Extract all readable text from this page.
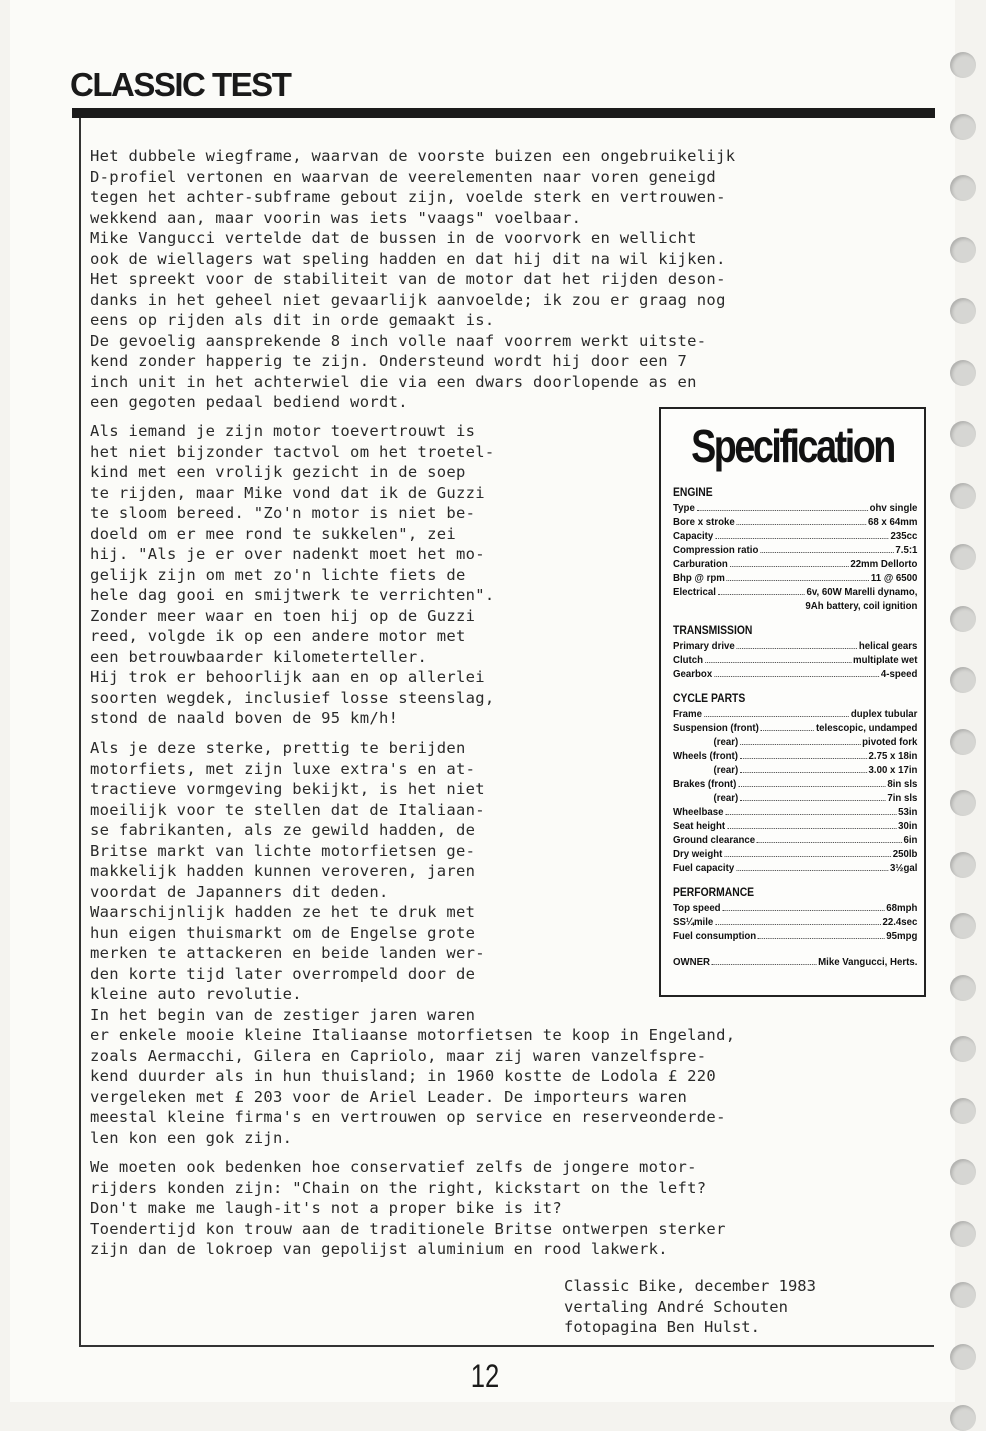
CLASSIC TEST
Het dubbele wiegframe, waarvan de voorste buizen een ongebruikelijk
D-profiel vertonen en waarvan de veerelementen naar voren geneigd
tegen het achter-subframe gebout zijn, voelde sterk en vertrouwen-
wekkend aan, maar voorin was iets "vaags" voelbaar.
Mike Vangucci vertelde dat de bussen in de voorvork en wellicht
ook de wiellagers wat speling hadden en dat hij dit na wil kijken.
Het spreekt voor de stabiliteit van de motor dat het rijden deson-
danks in het geheel niet gevaarlijk aanvoelde; ik zou er graag nog
eens op rijden als dit in orde gemaakt is.
De gevoelig aansprekende 8 inch volle naaf voorrem werkt uitste-
kend zonder happerig te zijn. Ondersteund wordt hij door een 7
inch unit in het achterwiel die via een dwars doorlopende as en
een gegoten pedaal bediend wordt.
Als iemand je zijn motor toevertrouwt is
het niet bijzonder tactvol om het troetel-
kind met een vrolijk gezicht in de soep
te rijden, maar Mike vond dat ik de Guzzi
te sloom bereed. "Zo'n motor is niet be-
doeld om er mee rond te sukkelen", zei
hij. "Als je er over nadenkt moet het mo-
gelijk zijn om met zo'n lichte fiets de
hele dag gooi en smijtwerk te verrichten".
Zonder meer waar en toen hij op de Guzzi
reed, volgde ik op een andere motor met
een betrouwbaarder kilometerteller.
Hij trok er behoorlijk aan en op allerlei
soorten wegdek, inclusief losse steenslag,
stond de naald boven de 95 km/h!
Als je deze sterke, prettig te berijden
motorfiets, met zijn luxe extra's en at-
tractieve vormgeving bekijkt, is het niet
moeilijk voor te stellen dat de Italiaan-
se fabrikanten, als ze gewild hadden, de
Britse markt van lichte motorfietsen ge-
makkelijk hadden kunnen veroveren, jaren
voordat de Japanners dit deden.
Waarschijnlijk hadden ze het te druk met
hun eigen thuismarkt om de Engelse grote
merken te attackeren en beide landen wer-
den korte tijd later overrompeld door de
kleine auto revolutie.
In het begin van de zestiger jaren waren
er enkele mooie kleine Italiaanse motorfietsen te koop in Engeland,
zoals Aermacchi, Gilera en Capriolo, maar zij waren vanzelfspre-
kend duurder als in hun thuisland; in 1960 kostte de Lodola £ 220
vergeleken met £ 203 voor de Ariel Leader. De importeurs waren
meestal kleine firma's en vertrouwen op service en reserveonderde-
len kon een gok zijn.
We moeten ook bedenken hoe conservatief zelfs de jongere motor-
rijders konden zijn: "Chain on the right, kickstart on the left?
Don't make me laugh-it's not a proper bike is it?
Toendertijd kon trouw aan de traditionele Britse ontwerpen sterker
zijn dan de lokroep van gepolijst aluminium en rood lakwerk.
Specification
ENGINE
Type	ohv single
Bore x stroke	68 x 64mm
Capacity	235cc
Compression ratio	7.5:1
Carburation	22mm Dellorto
Bhp @ rpm	11 @ 6500
Electrical	6v, 60W Marelli dynamo,
9Ah battery, coil ignition
TRANSMISSION
Primary drive	helical gears
Clutch	multiplate wet
Gearbox	4-speed
CYCLE PARTS
Frame	duplex tubular
Suspension (front)	telescopic, undamped
(rear)	pivoted fork
Wheels (front)	2.75 x 18in
(rear)	3.00 x 17in
Brakes (front)	8in sls
(rear)	7in sls
Wheelbase	53in
Seat height	30in
Ground clearance	6in
Dry weight	250lb
Fuel capacity	3½gal
PERFORMANCE
Top speed	68mph
SS¼mile	22.4sec
Fuel consumption	95mpg
OWNER	Mike Vangucci, Herts.
Classic Bike, december 1983
vertaling André Schouten
fotopagina Ben Hulst.
12
